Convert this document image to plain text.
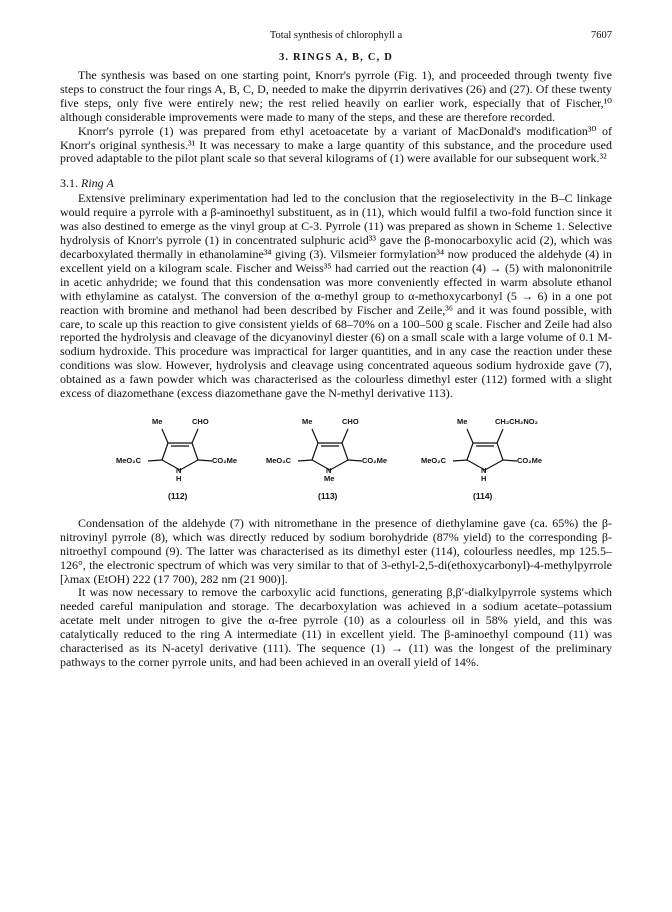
Total synthesis of chlorophyll a	7607
3. RINGS A, B, C, D

The synthesis was based on one starting point, Knorr's pyrrole (Fig. 1), and proceeded through twenty five steps to construct the four rings A, B, C, D, needed to make the dipyrrin derivatives (26) and (27). Of these twenty five steps, only five were entirely new; the rest relied heavily on earlier work, especially that of Fischer,¹⁰ although considerable improvements were made to many of the steps, and these are therefore recorded.

Knorr's pyrrole (1) was prepared from ethyl acetoacetate by a variant of MacDonald's modification³⁰ of Knorr's original synthesis.³¹ It was necessary to make a large quantity of this substance, and the procedure used proved adaptable to the pilot plant scale so that several kilograms of (1) were available for our subsequent work.³²

3.1. Ring A

Extensive preliminary experimentation had led to the conclusion that the regioselectivity in the B–C linkage would require a pyrrole with a β-aminoethyl substituent, as in (11), which would fulfil a two-fold function since it was also destined to emerge as the vinyl group at C-3. Pyrrole (11) was prepared as shown in Scheme 1. Selective hydrolysis of Knorr's pyrrole (1) in concentrated sulphuric acid³³ gave the β-monocarboxylic acid (2), which was decarboxylated thermally in ethanolamine³⁴ giving (3). Vilsmeier formylation³⁴ now produced the aldehyde (4) in excellent yield on a kilogram scale. Fischer and Weiss³⁵ had carried out the reaction (4) → (5) with malononitrile in acetic anhydride; we found that this condensation was more conveniently effected in warm absolute ethanol with ethylamine as catalyst. The conversion of the α-methyl group to α-methoxycarbonyl (5 → 6) in a one pot reaction with bromine and methanol had been described by Fischer and Zeile,³⁶ and it was found possible, with care, to scale up this reaction to give consistent yields of 68–70% on a 100–500 g scale. Fischer and Zeile had also reported the hydrolysis and cleavage of the dicyanovinyl diester (6) on a small scale with a large volume of 0.1 M-sodium hydroxide. This procedure was impractical for larger quantities, and in any case the reaction under these conditions was slow. However, hydrolysis and cleavage using concentrated aqueous sodium hydroxide gave (7), obtained as a fawn powder which was characterised as the colourless dimethyl ester (112) formed with a slight excess of diazomethane (excess diazomethane gave the N-methyl derivative 113).

Me	CHO
MeO₂C	CO₂Me
N
H
(112)
Me	CHO
MeO₂C	CO₂Me
N
Me
(113)
Me	CH₂CH₂NO₂
MeO₂C	CO₂Me
N
H
(114)

Condensation of the aldehyde (7) with nitromethane in the presence of diethylamine gave (ca. 65%) the β-nitrovinyl pyrrole (8), which was directly reduced by sodium borohydride (87% yield) to the corresponding β-nitroethyl compound (9). The latter was characterised as its dimethyl ester (114), colourless needles, mp 125.5–126°, the electronic spectrum of which was very similar to that of 3-ethyl-2,5-di(ethoxycarbonyl)-4-methylpyrrole [λmax (EtOH) 222 (17 700), 282 nm (21 900)].

It was now necessary to remove the carboxylic acid functions, generating β,β′-dialkylpyrrole systems which needed careful manipulation and storage. The decarboxylation was achieved in a sodium acetate–potassium acetate melt under nitrogen to give the α-free pyrrole (10) as a colourless oil in 58% yield, and this was catalytically reduced to the ring A intermediate (11) in excellent yield. The β-aminoethyl compound (11) was characterised as its N-acetyl derivative (111). The sequence (1) → (11) was the longest of the preliminary pathways to the corner pyrrole units, and had been achieved in an overall yield of 14%.
